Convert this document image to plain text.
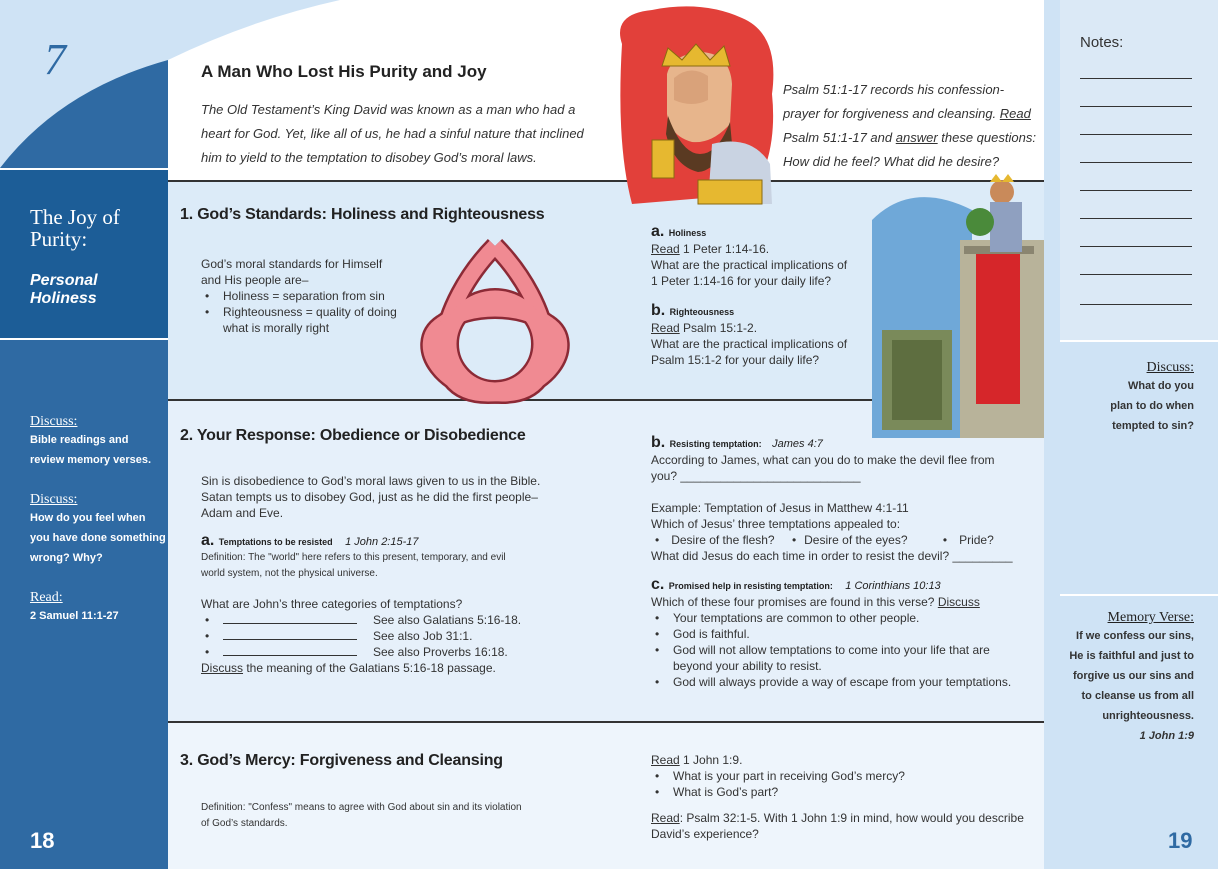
7
The Joy of
Purity:
Personal Holiness
Discuss:
Bible readings and
review memory verses.
Discuss:
How do you feel when
you have done something
wrong? Why?
Read:
2 Samuel 11:1-27
18
A Man Who Lost His Purity and Joy
The Old Testament’s King David was known as a man who had a
heart for God. Yet, like all of us, he had a sinful nature that inclined
him to yield to the temptation to disobey God’s moral laws.
Psalm 51:1-17 records his confession-
prayer for forgiveness and cleansing. Read
Psalm 51:1-17 and answer these questions:
How did he feel? What did he desire?
1. God’s Standards: Holiness and Righteousness
God’s moral standards for Himself
and His people are–
• Holiness = separation from sin
• Righteousness = quality of doing
what is morally right
a. Holiness
Read 1 Peter 1:14-16.
What are the practical implications of
1 Peter 1:14-16 for your daily life?
b. Righteousness
Read Psalm 15:1-2.
What are the practical implications of
Psalm 15:1-2 for your daily life?
2. Your Response: Obedience or Disobedience
Sin is disobedience to God’s moral laws given to us in the Bible.
Satan tempts us to disobey God, just as he did the first people–
Adam and Eve.
a. Temptations to be resisted 1 John 2:15-17
Definition: The "world" here refers to this present, temporary, and evil
world system, not the physical universe.
What are John’s three categories of temptations?
• See also Galatians 5:16-18.
• See also Job 31:1.
• See also Proverbs 16:18.
Discuss the meaning of the Galatians 5:16-18 passage.
b. Resisting temptation: James 4:7
According to James, what can you do to make the devil flee from
you? ___________________________
Example: Temptation of Jesus in Matthew 4:1-11
Which of Jesus’ three temptations appealed to:
• Desire of the flesh? • Desire of the eyes?	• Pride?
What did Jesus do each time in order to resist the devil? _________
c. Promised help in resisting temptation: 1 Corinthians 10:13
Which of these four promises are found in this verse? Discuss
• Your temptations are common to other people.
• God is faithful.
• God will not allow temptations to come into your life that are
beyond your ability to resist.
• God will always provide a way of escape from your temptations.
3. God’s Mercy: Forgiveness and Cleansing
Definition: "Confess" means to agree with God about sin and its violation
of God’s standards.
Read 1 John 1:9.
• What is your part in receiving God’s mercy?
• What is God’s part?
Read: Psalm 32:1-5. With 1 John 1:9 in mind, how would you describe
David’s experience?
Notes:
Discuss:
What do you
plan to do when
tempted to sin?
Memory Verse:
If we confess our sins,
He is faithful and just to
forgive us our sins and
to cleanse us from all
unrighteousness.
1 John 1:9
19
